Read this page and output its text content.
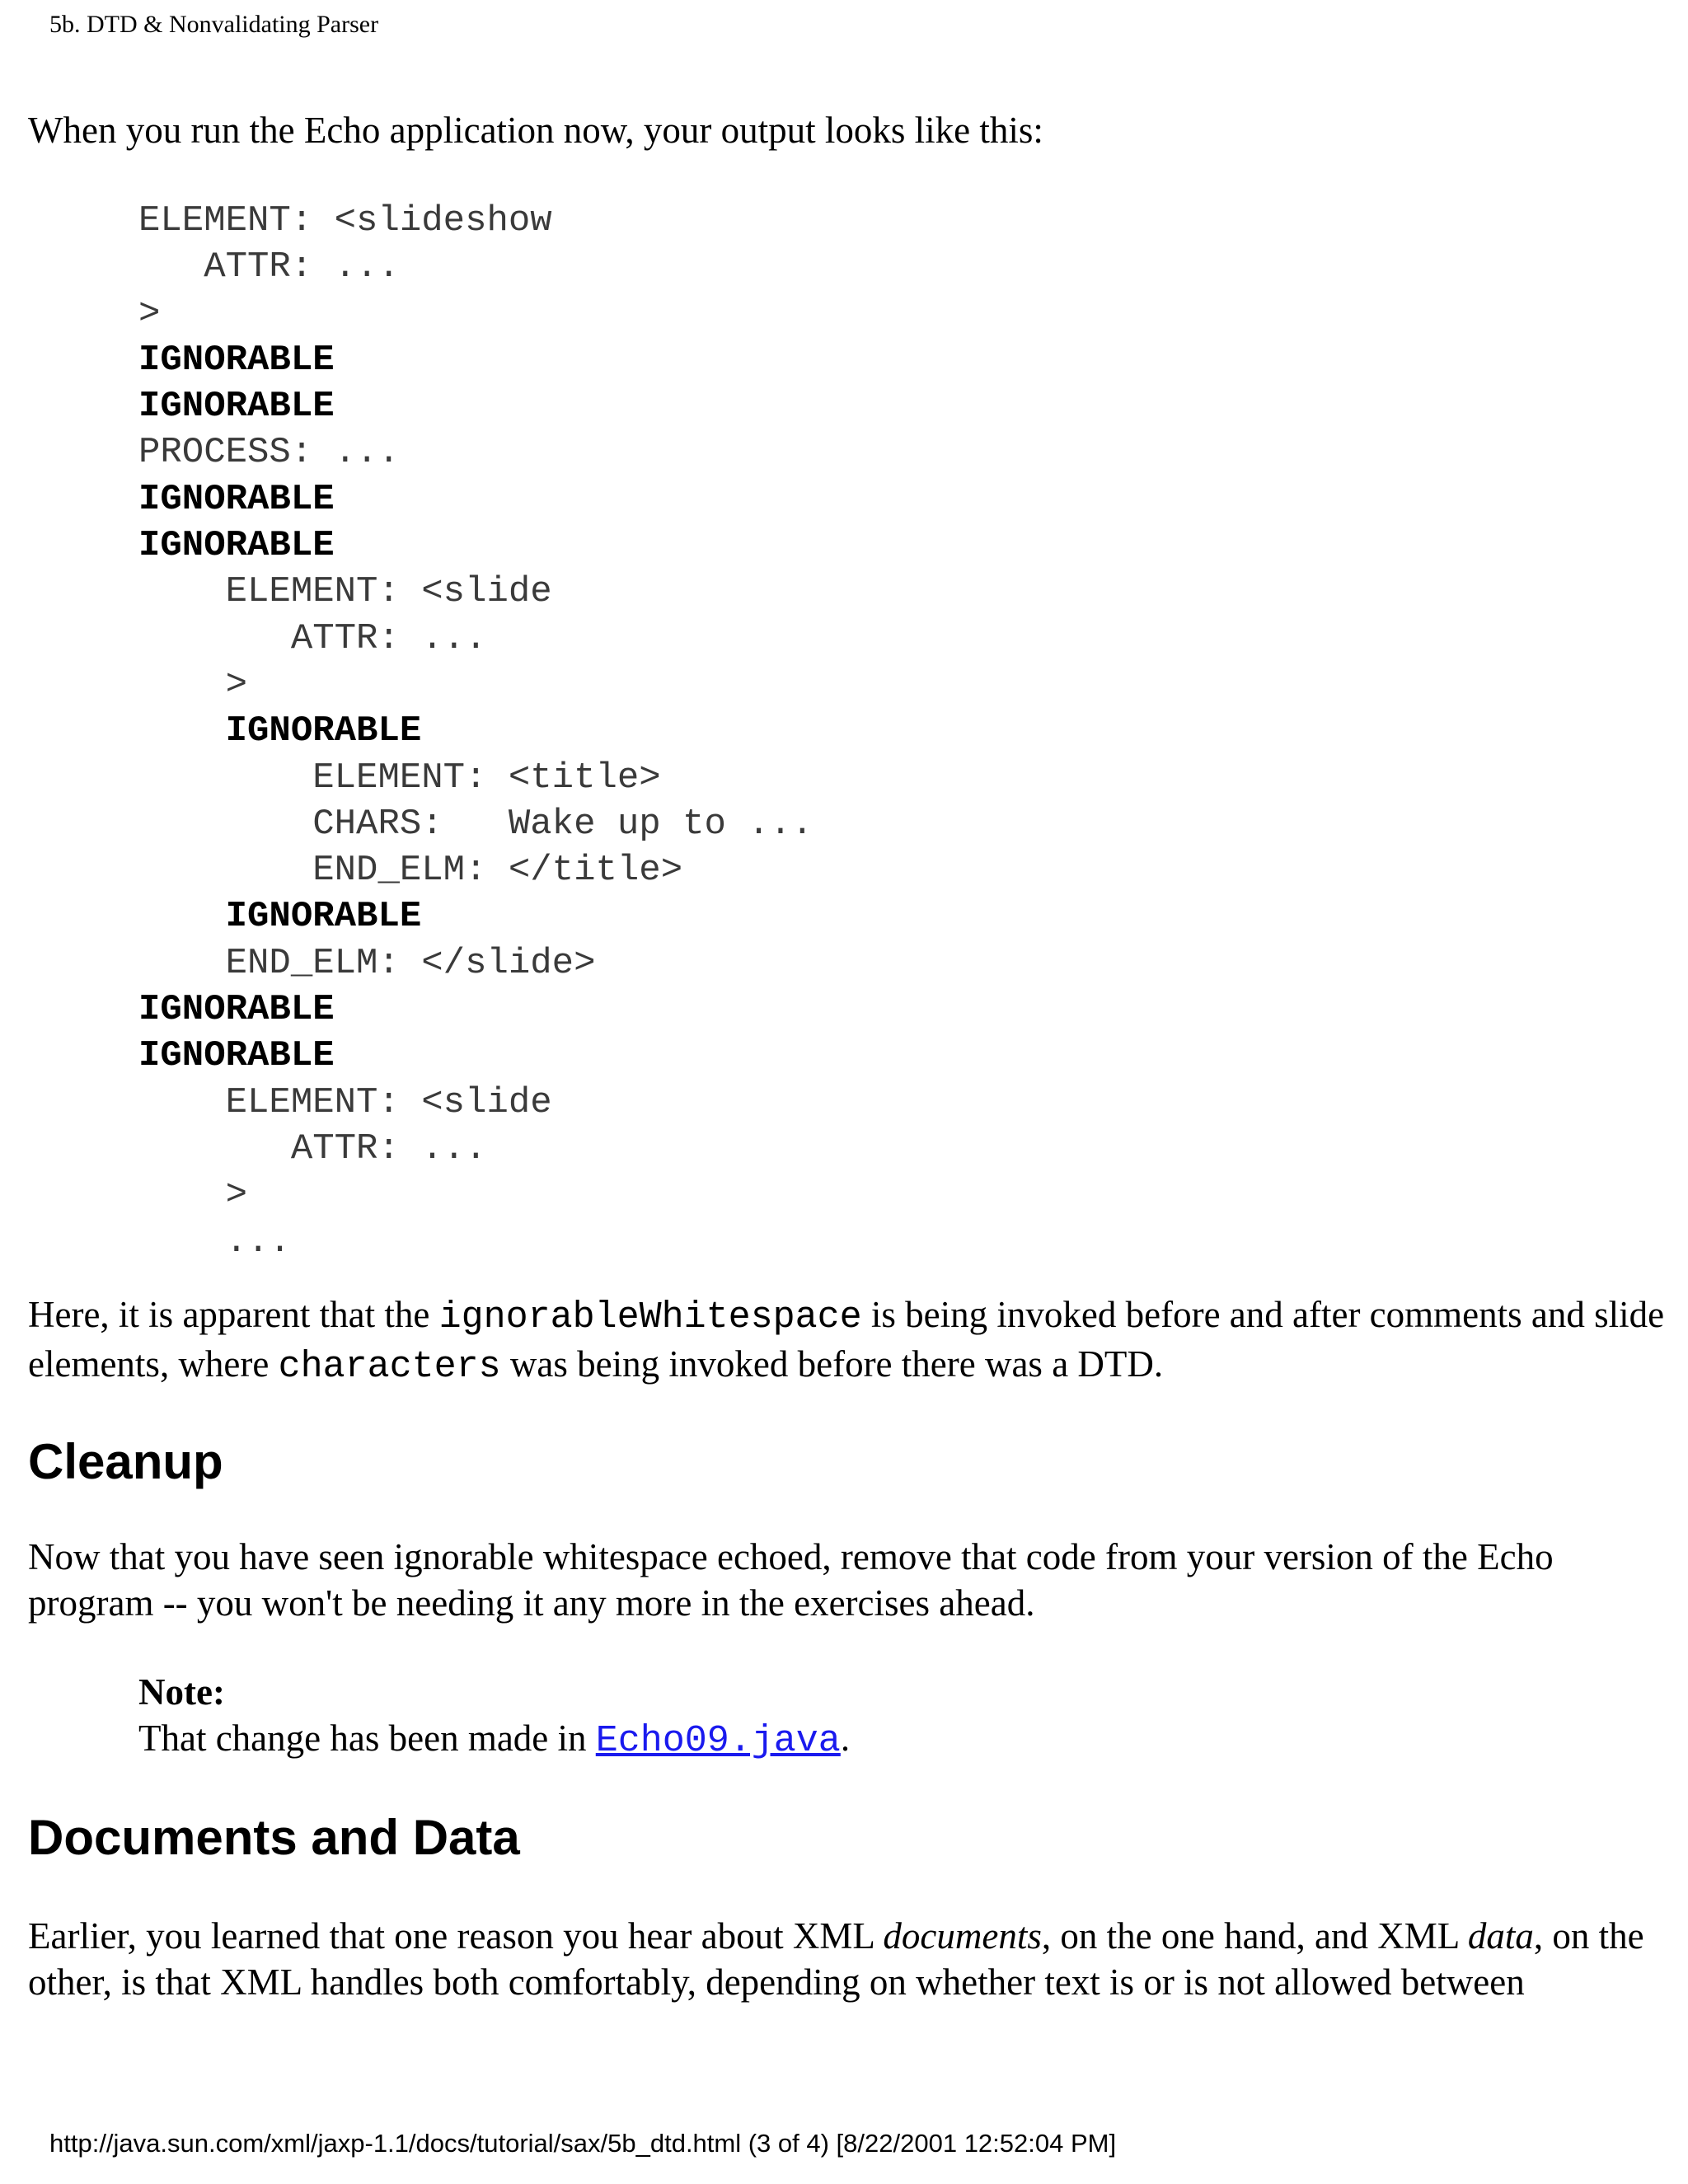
5b. DTD & Nonvalidating Parser

When you run the Echo application now, your output looks like this:

ELEMENT: <slideshow
ATTR: ...
>
IGNORABLE
IGNORABLE
PROCESS: ...
IGNORABLE
IGNORABLE
ELEMENT: <slide
ATTR: ...
>
IGNORABLE
ELEMENT: <title>
CHARS:   Wake up to ...
END_ELM: </title>
IGNORABLE
END_ELM: </slide>
IGNORABLE
IGNORABLE
ELEMENT: <slide
ATTR: ...
>
...

Here, it is apparent that the ignorableWhitespace is being invoked before and after comments and slide elements, where characters was being invoked before there was a DTD.

Cleanup

Now that you have seen ignorable whitespace echoed, remove that code from your version of the Echo program -- you won't be needing it any more in the exercises ahead.

Note:
That change has been made in Echo09.java.
Documents and Data

Earlier, you learned that one reason you hear about XML documents, on the one hand, and XML data, on the other, is that XML handles both comfortably, depending on whether text is or is not allowed between

http://java.sun.com/xml/jaxp-1.1/docs/tutorial/sax/5b_dtd.html (3 of 4) [8/22/2001 12:52:04 PM]
